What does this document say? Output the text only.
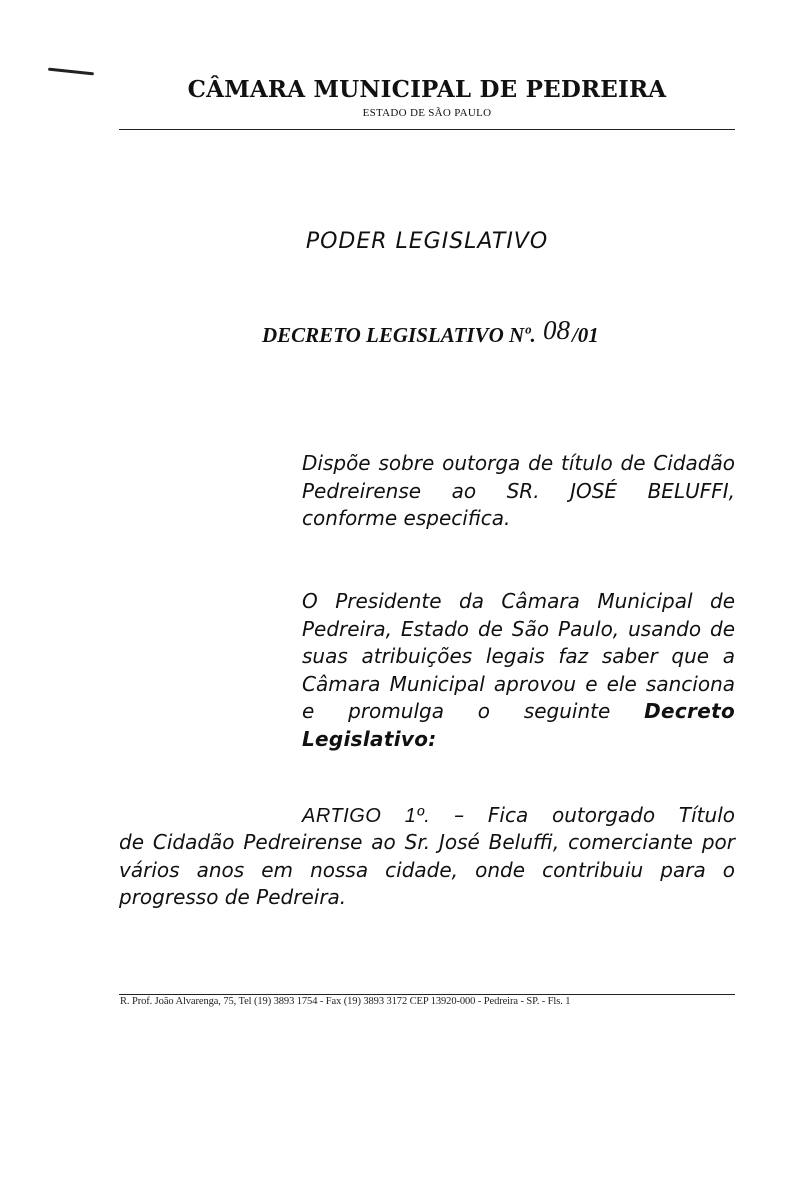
CÂMARA MUNICIPAL DE PEDREIRA
ESTADO DE SÃO PAULO
PODER LEGISLATIVO
DECRETO LEGISLATIVO Nº. 08/01
Dispõe sobre outorga de título de Cidadão Pedreirense ao SR. JOSÉ BELUFFI, conforme especifica.
O Presidente da Câmara Municipal de Pedreira, Estado de São Paulo, usando de suas atribuições legais faz saber que a Câmara Municipal aprovou e ele sanciona e promulga o seguinte Decreto Legislativo:
ARTIGO 1º. – Fica outorgado Título
de Cidadão Pedreirense ao Sr. José Beluffi, comerciante por vários anos em nossa cidade, onde contribuiu para o progresso de Pedreira.
R. Prof. João Alvarenga, 75, Tel (19) 3893 1754 - Fax (19) 3893 3172 CEP 13920-000 - Pedreira - SP. - Fls. 1
